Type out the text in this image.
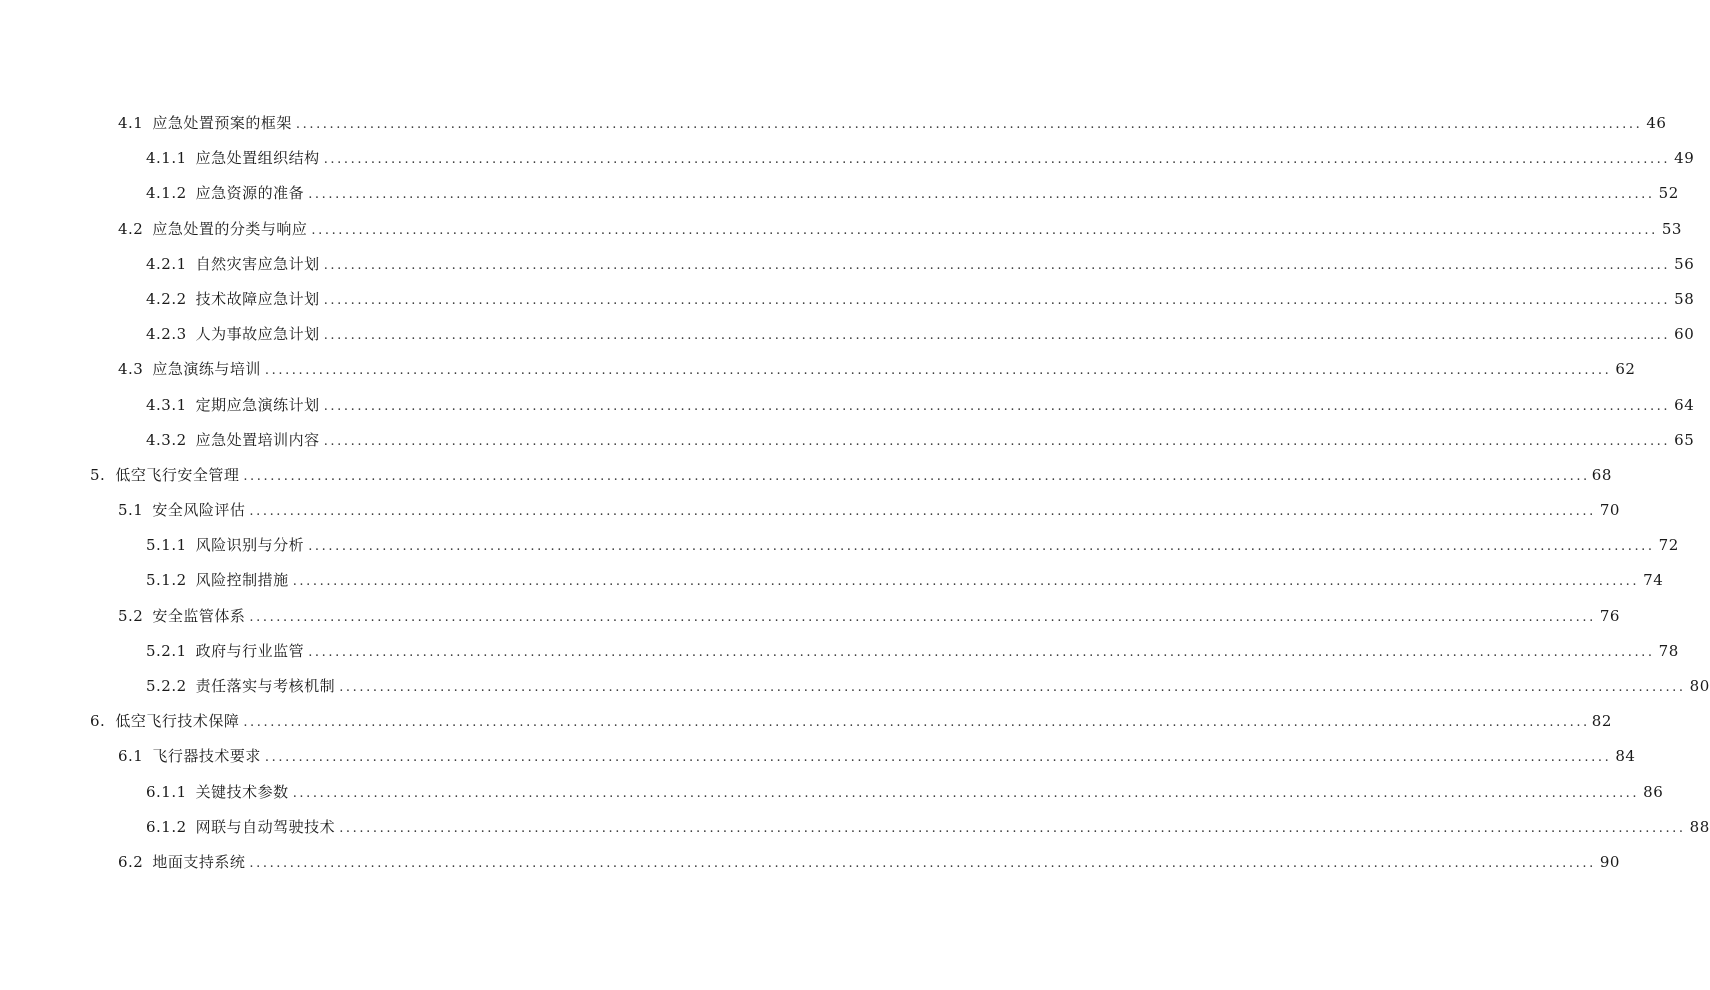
4.1 应急处置预案的框架 ........................................................................................................................................................................................................ 46
4.1.1 应急处置组织结构 ........................................................................................................................................................................................................ 49
4.1.2 应急资源的准备 ........................................................................................................................................................................................................ 52
4.2 应急处置的分类与响应 ........................................................................................................................................................................................................ 53
4.2.1 自然灾害应急计划 ........................................................................................................................................................................................................ 56
4.2.2 技术故障应急计划 ........................................................................................................................................................................................................ 58
4.2.3 人为事故应急计划 ........................................................................................................................................................................................................ 60
4.3 应急演练与培训 ........................................................................................................................................................................................................ 62
4.3.1 定期应急演练计划 ........................................................................................................................................................................................................ 64
4.3.2 应急处置培训内容 ........................................................................................................................................................................................................ 65
5. 低空飞行安全管理 ........................................................................................................................................................................................................ 68
5.1 安全风险评估 ........................................................................................................................................................................................................ 70
5.1.1 风险识别与分析 ........................................................................................................................................................................................................ 72
5.1.2 风险控制措施 ........................................................................................................................................................................................................ 74
5.2 安全监管体系 ........................................................................................................................................................................................................ 76
5.2.1 政府与行业监管 ........................................................................................................................................................................................................ 78
5.2.2 责任落实与考核机制 ........................................................................................................................................................................................................ 80
6. 低空飞行技术保障 ........................................................................................................................................................................................................ 82
6.1 飞行器技术要求 ........................................................................................................................................................................................................ 84
6.1.1 关键技术参数 ........................................................................................................................................................................................................ 86
6.1.2 网联与自动驾驶技术 ........................................................................................................................................................................................................ 88
6.2 地面支持系统 ........................................................................................................................................................................................................ 90
